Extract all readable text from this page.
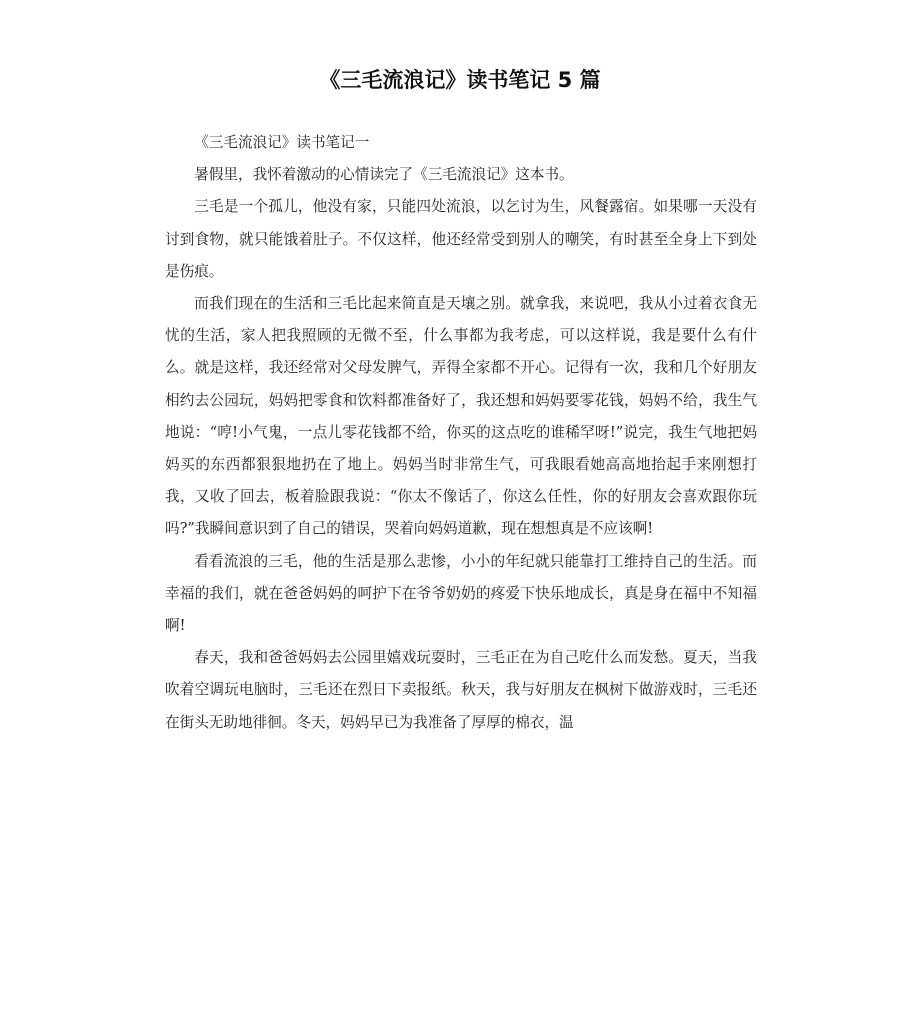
《三毛流浪记》读书笔记 5 篇

《三毛流浪记》读书笔记一

暑假里，我怀着激动的心情读完了《三毛流浪记》这本书。

三毛是一个孤儿，他没有家，只能四处流浪，以乞讨为生，风餐露宿。如果哪一天没有讨到食物，就只能饿着肚子。不仅这样，他还经常受到别人的嘲笑，有时甚至全身上下到处是伤痕。

而我们现在的生活和三毛比起来简直是天壤之别。就拿我，来说吧，我从小过着衣食无忧的生活，家人把我照顾的无微不至，什么事都为我考虑，可以这样说，我是要什么有什么。就是这样，我还经常对父母发脾气，弄得全家都不开心。记得有一次，我和几个好朋友相约去公园玩，妈妈把零食和饮料都准备好了，我还想和妈妈要零花钱，妈妈不给，我生气地说：“哼!小气鬼，一点儿零花钱都不给，你买的这点吃的谁稀罕呀!”说完，我生气地把妈妈买的东西都狠狠地扔在了地上。妈妈当时非常生气，可我眼看她高高地抬起手来刚想打我，又收了回去，板着脸跟我说：“你太不像话了，你这么任性，你的好朋友会喜欢跟你玩吗?”我瞬间意识到了自己的错误，哭着向妈妈道歉，现在想想真是不应该啊!

看看流浪的三毛，他的生活是那么悲惨，小小的年纪就只能靠打工维持自己的生活。而幸福的我们，就在爸爸妈妈的呵护下在爷爷奶奶的疼爱下快乐地成长，真是身在福中不知福啊!

春天，我和爸爸妈妈去公园里嬉戏玩耍时，三毛正在为自己吃什么而发愁。夏天，当我吹着空调玩电脑时，三毛还在烈日下卖报纸。秋天，我与好朋友在枫树下做游戏时，三毛还在街头无助地徘徊。冬天，妈妈早已为我准备了厚厚的棉衣，温
